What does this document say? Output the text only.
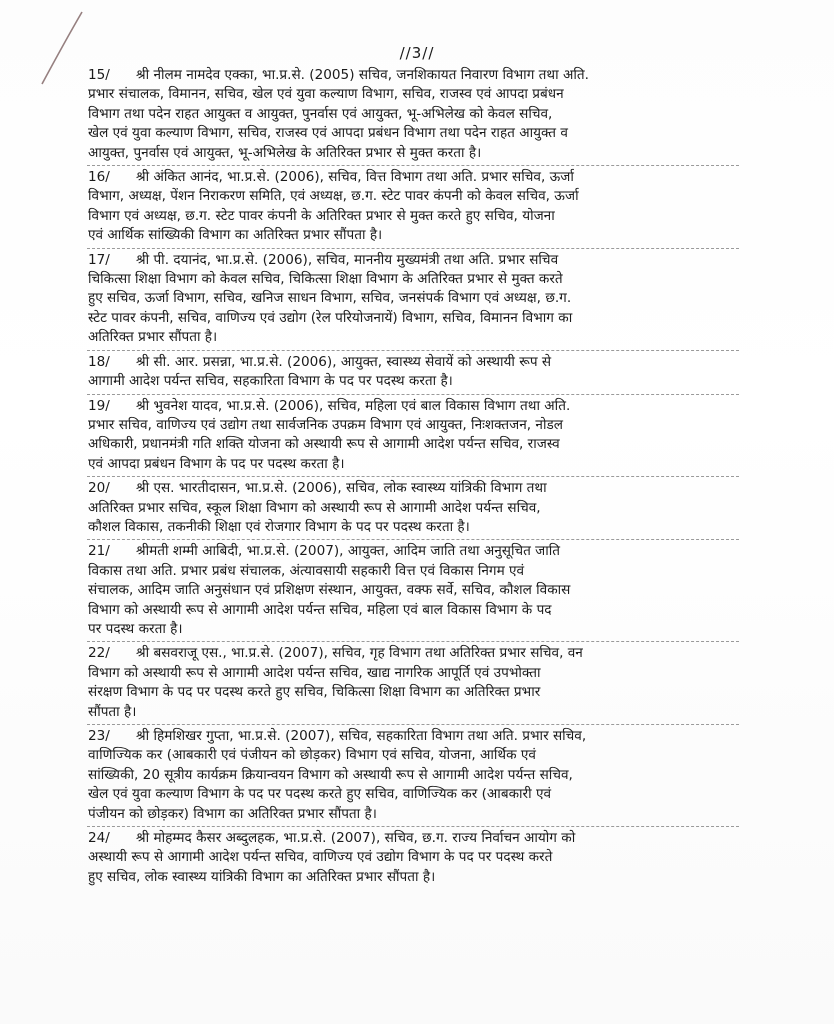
//3//
15/	श्री नीलम नामदेव एक्का, भा.प्र.से. (2005) सचिव, जनशिकायत निवारण विभाग तथा अति.
प्रभार संचालक, विमानन, सचिव, खेल एवं युवा कल्याण विभाग, सचिव, राजस्व एवं आपदा प्रबंधन
विभाग तथा पदेन राहत आयुक्त व आयुक्त, पुनर्वास एवं आयुक्त, भू-अभिलेख को केवल सचिव,
खेल एवं युवा कल्याण विभाग, सचिव, राजस्व एवं आपदा प्रबंधन विभाग तथा पदेन राहत आयुक्त व
आयुक्त, पुनर्वास एवं आयुक्त, भू-अभिलेख के अतिरिक्त प्रभार से मुक्त करता है।
16/	श्री अंकित आनंद, भा.प्र.से. (2006), सचिव, वित्त विभाग तथा अति. प्रभार सचिव, ऊर्जा
विभाग, अध्यक्ष, पेंशन निराकरण समिति, एवं अध्यक्ष, छ.ग. स्टेट पावर कंपनी को केवल सचिव, ऊर्जा
विभाग एवं अध्यक्ष, छ.ग. स्टेट पावर कंपनी के अतिरिक्त प्रभार से मुक्त करते हुए सचिव, योजना
एवं आर्थिक सांख्यिकी विभाग का अतिरिक्त प्रभार सौंपता है।
17/	श्री पी. दयानंद, भा.प्र.से. (2006), सचिव, माननीय मुख्यमंत्री तथा अति. प्रभार सचिव
चिकित्सा शिक्षा विभाग को केवल सचिव, चिकित्सा शिक्षा विभाग के अतिरिक्त प्रभार से मुक्त करते
हुए सचिव, ऊर्जा विभाग, सचिव, खनिज साधन विभाग, सचिव, जनसंपर्क विभाग एवं अध्यक्ष, छ.ग.
स्टेट पावर कंपनी, सचिव, वाणिज्य एवं उद्योग (रेल परियोजनायें) विभाग, सचिव, विमानन विभाग का
अतिरिक्त प्रभार सौंपता है।
18/	श्री सी. आर. प्रसन्ना, भा.प्र.से. (2006), आयुक्त, स्वास्थ्य सेवायें को अस्थायी रूप से
आगामी आदेश पर्यन्त सचिव, सहकारिता विभाग के पद पर पदस्थ करता है।
19/	श्री भुवनेश यादव, भा.प्र.से. (2006), सचिव, महिला एवं बाल विकास विभाग तथा अति.
प्रभार सचिव, वाणिज्य एवं उद्योग तथा सार्वजनिक उपक्रम विभाग एवं आयुक्त, निःशक्तजन, नोडल
अधिकारी, प्रधानमंत्री गति शक्ति योजना को अस्थायी रूप से आगामी आदेश पर्यन्त सचिव, राजस्व
एवं आपदा प्रबंधन विभाग के पद पर पदस्थ करता है।
20/	श्री एस. भारतीदासन, भा.प्र.से. (2006), सचिव, लोक स्वास्थ्य यांत्रिकी विभाग तथा
अतिरिक्त प्रभार सचिव, स्कूल शिक्षा विभाग को अस्थायी रूप से आगामी आदेश पर्यन्त सचिव,
कौशल विकास, तकनीकी शिक्षा एवं रोजगार विभाग के पद पर पदस्थ करता है।
21/	श्रीमती शम्मी आबिदी, भा.प्र.से. (2007), आयुक्त, आदिम जाति तथा अनुसूचित जाति
विकास तथा अति. प्रभार प्रबंध संचालक, अंत्यावसायी सहकारी वित्त एवं विकास निगम एवं
संचालक, आदिम जाति अनुसंधान एवं प्रशिक्षण संस्थान, आयुक्त, वक्फ सर्वे, सचिव, कौशल विकास
विभाग को अस्थायी रूप से आगामी आदेश पर्यन्त सचिव, महिला एवं बाल विकास विभाग के पद
पर पदस्थ करता है।
22/	श्री बसवराजू एस., भा.प्र.से. (2007), सचिव, गृह विभाग तथा अतिरिक्त प्रभार सचिव, वन
विभाग को अस्थायी रूप से आगामी आदेश पर्यन्त सचिव, खाद्य नागरिक आपूर्ति एवं उपभोक्ता
संरक्षण विभाग के पद पर पदस्थ करते हुए सचिव, चिकित्सा शिक्षा विभाग का अतिरिक्त प्रभार
सौंपता है।
23/	श्री हिमशिखर गुप्ता, भा.प्र.से. (2007), सचिव, सहकारिता विभाग तथा अति. प्रभार सचिव,
वाणिज्यिक कर (आबकारी एवं पंजीयन को छोड़कर) विभाग एवं सचिव, योजना, आर्थिक एवं
सांख्यिकी, 20 सूत्रीय कार्यक्रम क्रियान्वयन विभाग को अस्थायी रूप से आगामी आदेश पर्यन्त सचिव,
खेल एवं युवा कल्याण विभाग के पद पर पदस्थ करते हुए सचिव, वाणिज्यिक कर (आबकारी एवं
पंजीयन को छोड़कर) विभाग का अतिरिक्त प्रभार सौंपता है।
24/	श्री मोहम्मद कैसर अब्दुलहक, भा.प्र.से. (2007), सचिव, छ.ग. राज्य निर्वाचन आयोग को
अस्थायी रूप से आगामी आदेश पर्यन्त सचिव, वाणिज्य एवं उद्योग विभाग के पद पर पदस्थ करते
हुए सचिव, लोक स्वास्थ्य यांत्रिकी विभाग का अतिरिक्त प्रभार सौंपता है।
